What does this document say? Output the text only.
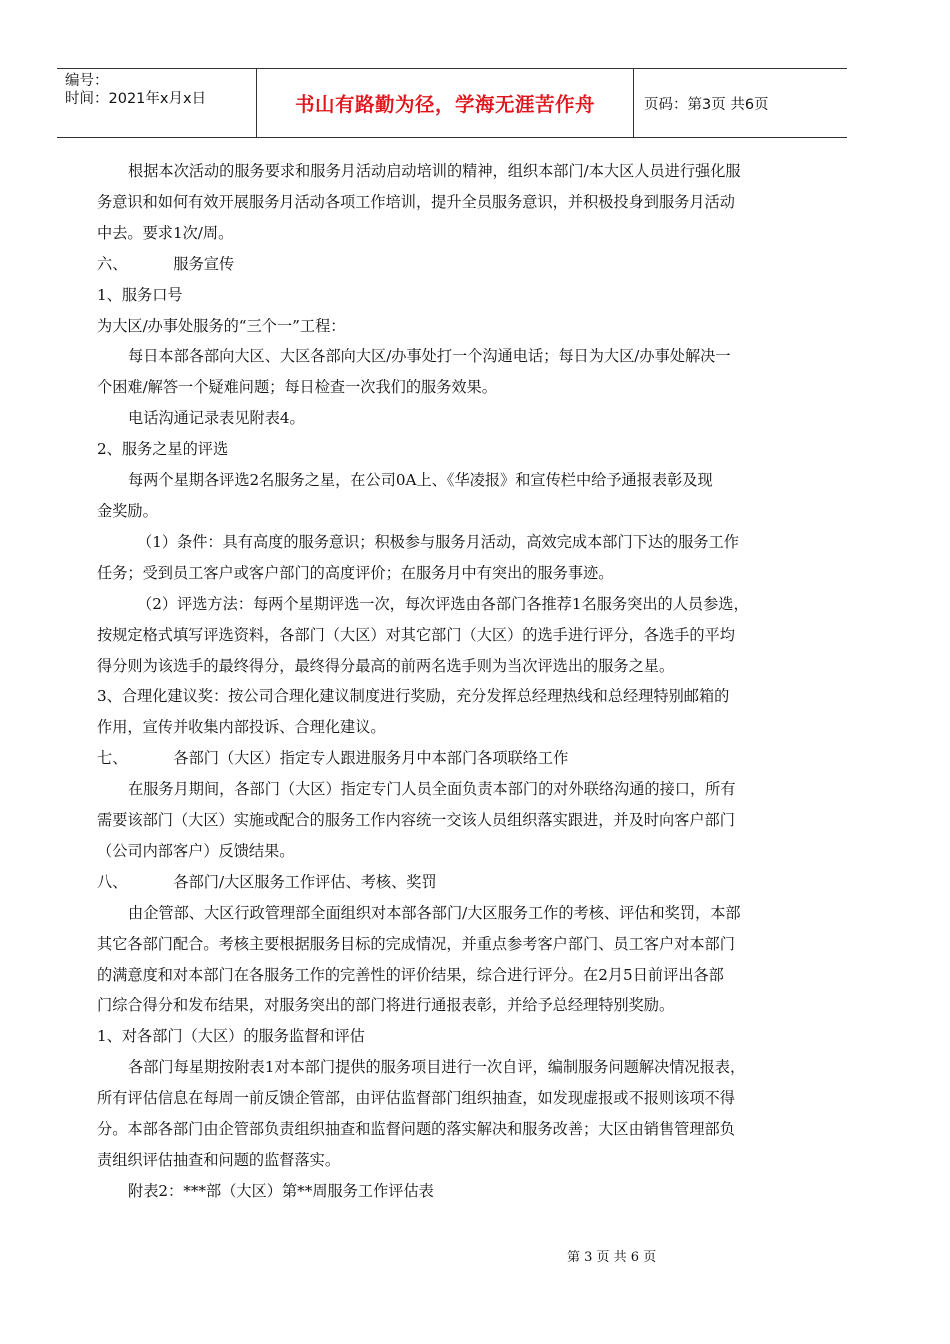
编号：
时间：2021年x月x日	书山有路勤为径，学海无涯苦作舟	页码：第3页 共6页

根据本次活动的服务要求和服务月活动启动培训的精神，组织本部门/本大区人员进行强化服

务意识和如何有效开展服务月活动各项工作培训，提升全员服务意识，并积极投身到服务月活动

中去。要求1次/周。

六、	服务宣传

1、服务口号

为大区/办事处服务的“三个一”工程：

每日本部各部向大区、大区各部向大区/办事处打一个沟通电话；每日为大区/办事处解决一

个困难/解答一个疑难问题；每日检查一次我们的服务效果。

电话沟通记录表见附表4。

2、服务之星的评选

每两个星期各评选2名服务之星，在公司0A上、《华凌报》和宣传栏中给予通报表彰及现

金奖励。

（1）条件：具有高度的服务意识；积极参与服务月活动，高效完成本部门下达的服务工作

任务；受到员工客户或客户部门的高度评价；在服务月中有突出的服务事迹。

（2）评选方法：每两个星期评选一次，每次评选由各部门各推荐1名服务突出的人员参选，

按规定格式填写评选资料，各部门（大区）对其它部门（大区）的选手进行评分，各选手的平均

得分则为该选手的最终得分，最终得分最高的前两名选手则为当次评选出的服务之星。

3、合理化建议奖：按公司合理化建议制度进行奖励，充分发挥总经理热线和总经理特别邮箱的

作用，宣传并收集内部投诉、合理化建议。

七、	各部门（大区）指定专人跟进服务月中本部门各项联络工作

在服务月期间，各部门（大区）指定专门人员全面负责本部门的对外联络沟通的接口，所有

需要该部门（大区）实施或配合的服务工作内容统一交该人员组织落实跟进，并及时向客户部门

（公司内部客户）反馈结果。

八、	各部门/大区服务工作评估、考核、奖罚

由企管部、大区行政管理部全面组织对本部各部门/大区服务工作的考核、评估和奖罚，本部

其它各部门配合。考核主要根据服务目标的完成情况，并重点参考客户部门、员工客户对本部门

的满意度和对本部门在各服务工作的完善性的评价结果，综合进行评分。在2月5日前评出各部

门综合得分和发布结果，对服务突出的部门将进行通报表彰，并给予总经理特别奖励。

1、对各部门（大区）的服务监督和评估

各部门每星期按附表1对本部门提供的服务项目进行一次自评，编制服务问题解决情况报表，

所有评估信息在每周一前反馈企管部，由评估监督部门组织抽查，如发现虚报或不报则该项不得

分。本部各部门由企管部负责组织抽查和监督问题的落实解决和服务改善；大区由销售管理部负

责组织评估抽查和问题的监督落实。

附表2：***部（大区）第**周服务工作评估表

第 3 页 共 6 页
